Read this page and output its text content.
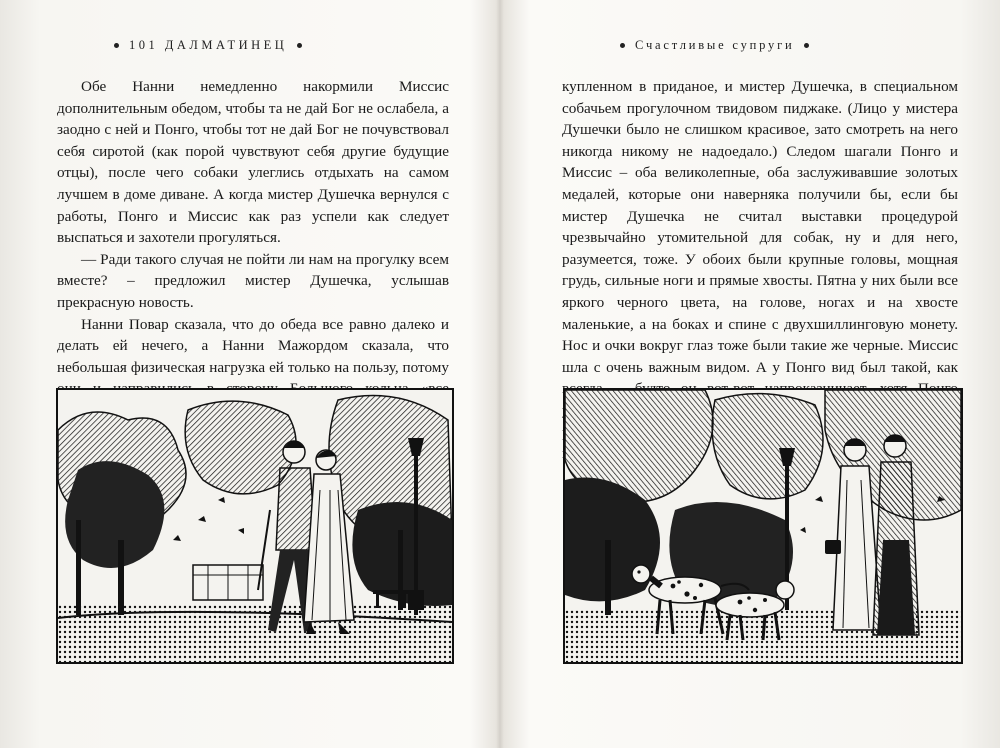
101 ДАЛМАТИНЕЦ

Обе Нанни немедленно накормили Миссис дополнительным обедом, чтобы та не дай Бог не ослабела, а заодно с ней и Понго, чтобы тот не дай Бог не почувствовал себя сиротой (как порой чувствуют себя другие будущие отцы), после чего собаки улеглись отдыхать на самом лучшем в доме диване. А когда мистер Душечка вернулся с работы, Понго и Миссис как раз успели как следует выспаться и захотели прогуляться.

— Ради такого случая не пойти ли нам на прогулку всем вместе? – предложил мистер Душечка, услышав прекрасную новость.

Нанни Повар сказала, что до обеда все равно далеко и делать ей нечего, а Нанни Мажордом сказала, что небольшая физическая нагрузка ей только на пользу, потому

Счастливые супруги

купленном в приданое, и мистер Душечка, в специальном собачьем прогулочном твидовом пиджаке. (Лицо у мистера Душечки было не слишком красивое, зато смотреть на него никогда никому не надоедало.) Следом шагали Понго и Миссис – оба великолепные, оба заслуживавшие золотых медалей, которые они наверняка получили бы, если бы мистер Душечка не считал выставки процедурой чрезвычайно утомительной для собак, ну и для него, разумеется, тоже. У обоих были крупные головы, мощная грудь, сильные ноги и прямые хвосты. Пятна у них были все яркого черного цвета, на голове, ногах и на хвосте маленькие, а на боках и спине с двухшиллинговую монету. Нос и очки вокруг глаз тоже были такие же черные. Миссис шла с очень важным видом. А у Понго вид был такой, как
